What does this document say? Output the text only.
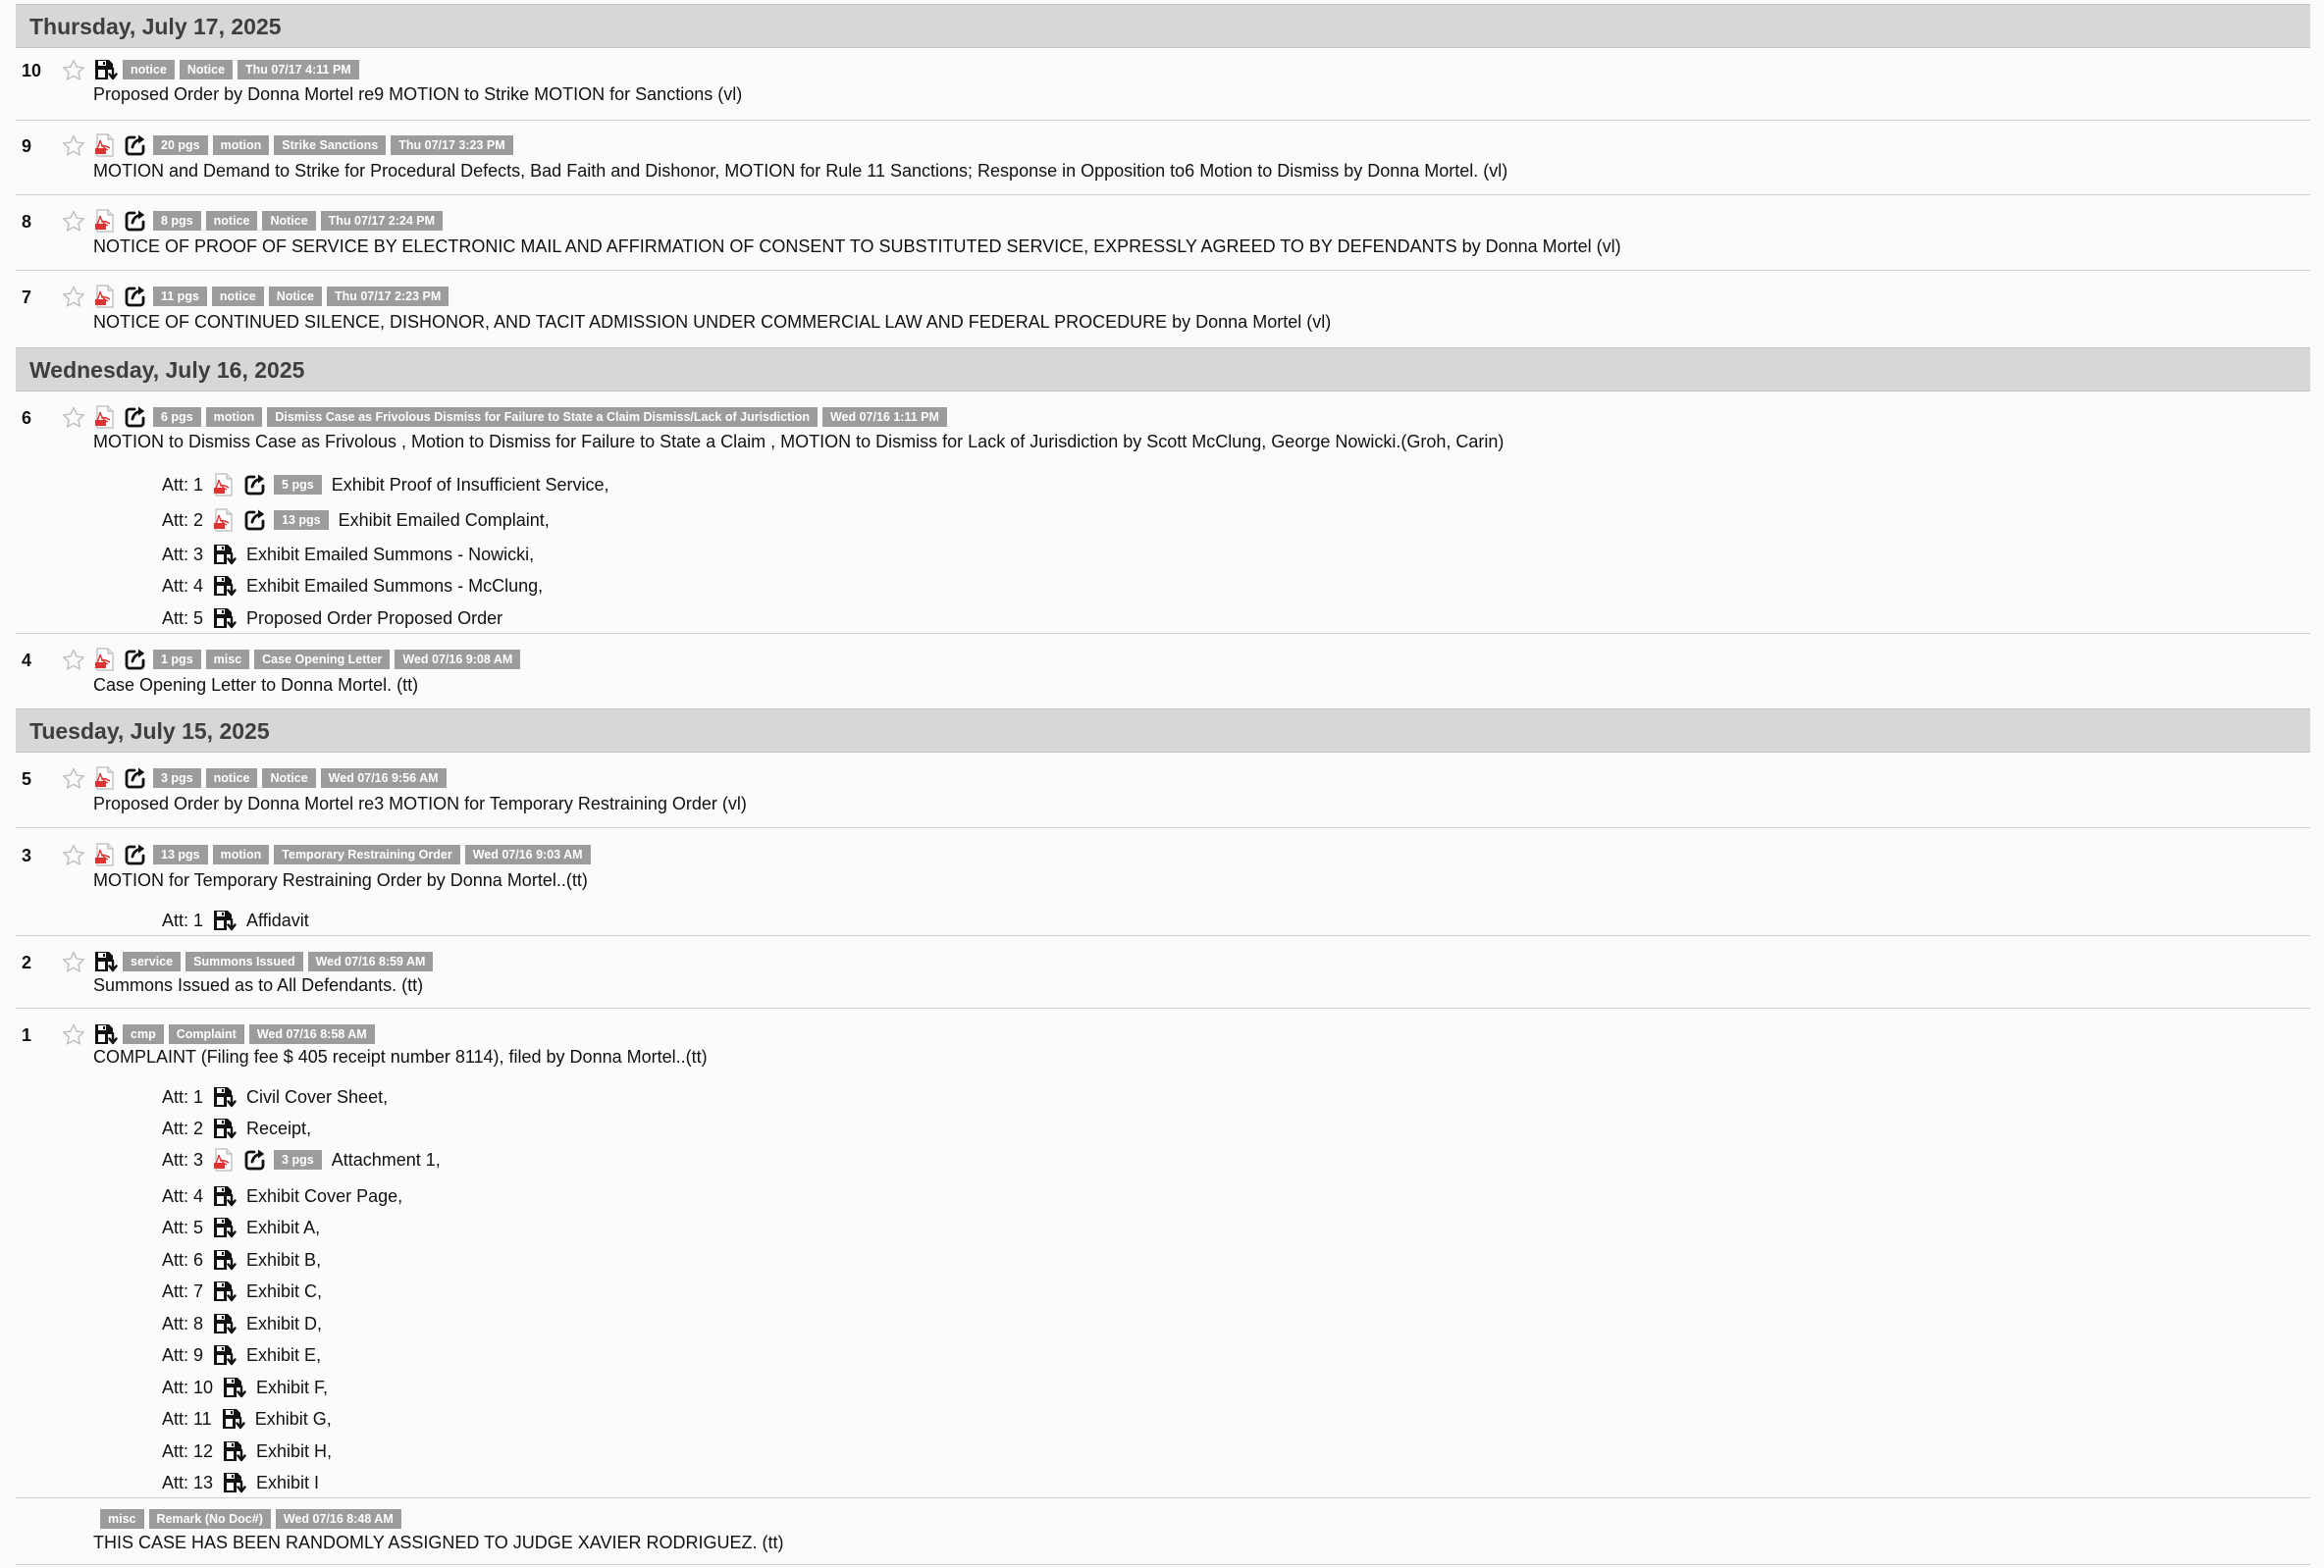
Thursday, July 17, 2025
Wednesday, July 16, 2025
Tuesday, July 15, 2025
10	notice	Notice	Thu 07/17 4:11 PM
Proposed Order by Donna Mortel re9 MOTION to Strike MOTION for Sanctions (vl)
9	20 pgs	motion	Strike Sanctions	Thu 07/17 3:23 PM
MOTION and Demand to Strike for Procedural Defects, Bad Faith and Dishonor, MOTION for Rule 11 Sanctions; Response in Opposition to6 Motion to Dismiss by Donna Mortel. (vl)
8	8 pgs	notice	Notice	Thu 07/17 2:24 PM
NOTICE OF PROOF OF SERVICE BY ELECTRONIC MAIL AND AFFIRMATION OF CONSENT TO SUBSTITUTED SERVICE, EXPRESSLY AGREED TO BY DEFENDANTS by Donna Mortel (vl)
7	11 pgs	notice	Notice	Thu 07/17 2:23 PM
NOTICE OF CONTINUED SILENCE, DISHONOR, AND TACIT ADMISSION UNDER COMMERCIAL LAW AND FEDERAL PROCEDURE by Donna Mortel (vl)
6	6 pgs	motion	Dismiss Case as Frivolous Dismiss for Failure to State a Claim Dismiss/Lack of Jurisdiction	Wed 07/16 1:11 PM
MOTION to Dismiss Case as Frivolous , Motion to Dismiss for Failure to State a Claim , MOTION to Dismiss for Lack of Jurisdiction by Scott McClung, George Nowicki.(Groh, Carin)
Att: 1	5 pgs	Exhibit Proof of Insufficient Service,
Att: 2	13 pgs	Exhibit Emailed Complaint,
Att: 3 Exhibit Emailed Summons - Nowicki,
Att: 4 Exhibit Emailed Summons - McClung,
Att: 5 Proposed Order Proposed Order
4	1 pgs	misc	Case Opening Letter	Wed 07/16 9:08 AM
Case Opening Letter to Donna Mortel. (tt)
5	3 pgs	notice	Notice	Wed 07/16 9:56 AM
Proposed Order by Donna Mortel re3 MOTION for Temporary Restraining Order (vl)
3	13 pgs	motion	Temporary Restraining Order	Wed 07/16 9:03 AM
MOTION for Temporary Restraining Order by Donna Mortel..(tt)
Att: 1 Affidavit
2	service	Summons Issued	Wed 07/16 8:59 AM
Summons Issued as to All Defendants. (tt)
1	cmp	Complaint	Wed 07/16 8:58 AM
COMPLAINT (Filing fee $ 405 receipt number 8114), filed by Donna Mortel..(tt)
Att: 1 Civil Cover Sheet,
Att: 2 Receipt,
Att: 3	3 pgs	Attachment 1,
Att: 4 Exhibit Cover Page,
Att: 5 Exhibit A,
Att: 6 Exhibit B,
Att: 7 Exhibit C,
Att: 8 Exhibit D,
Att: 9 Exhibit E,
Att: 10 Exhibit F,
Att: 11 Exhibit G,
Att: 12 Exhibit H,
Att: 13 Exhibit I
misc	Remark (No Doc#)	Wed 07/16 8:48 AM
THIS CASE HAS BEEN RANDOMLY ASSIGNED TO JUDGE XAVIER RODRIGUEZ. (tt)
